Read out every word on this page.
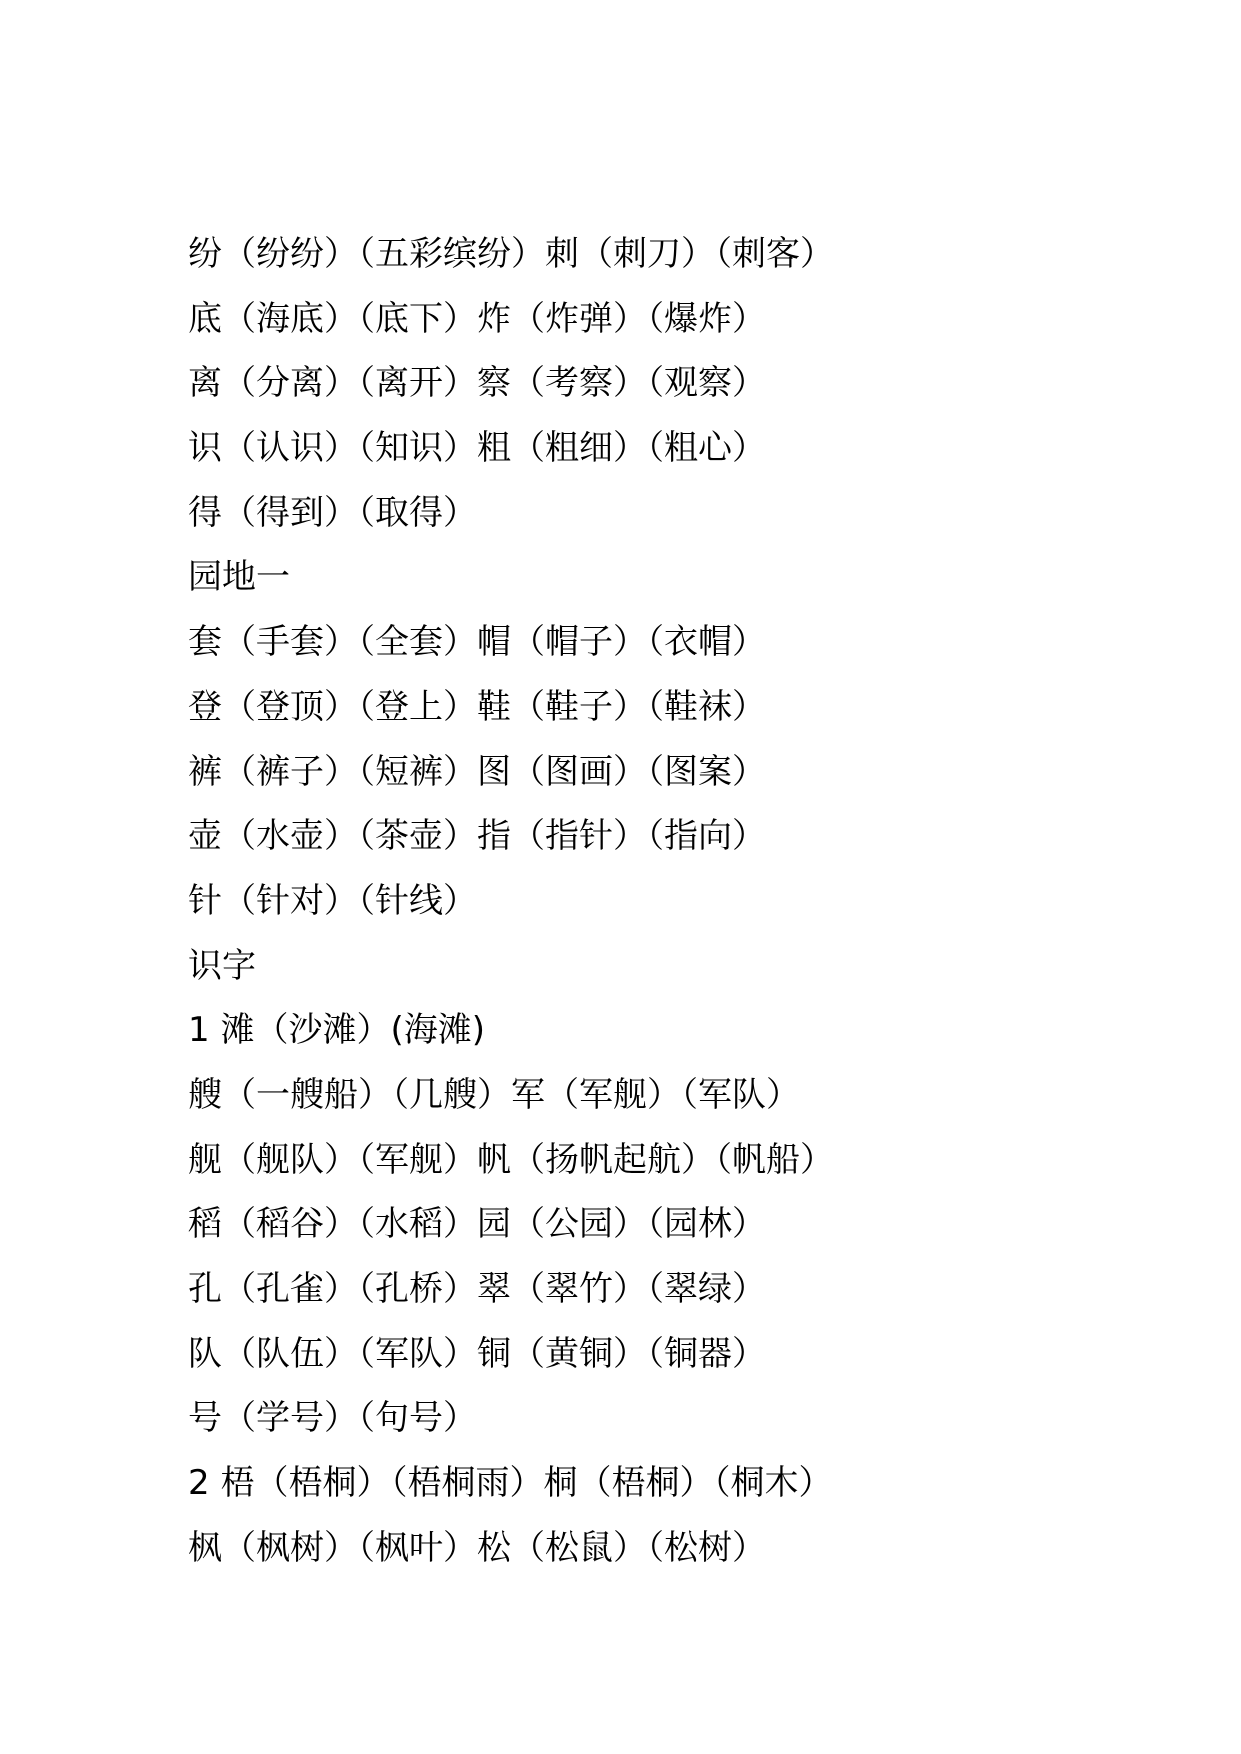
纷（纷纷）（五彩缤纷）刺（刺刀）（刺客）
底（海底）（底下）炸（炸弹）（爆炸）
离（分离）（离开）察（考察）（观察）
识（认识）（知识）粗（粗细）（粗心）
得（得到）（取得）
园地一
套（手套）（全套）帽（帽子）（衣帽）
登（登顶）（登上）鞋（鞋子）（鞋袜）
裤（裤子）（短裤）图（图画）（图案）
壶（水壶）（茶壶）指（指针）（指向）
针（针对）（针线）
识字
1 滩（沙滩）(海滩)
艘（一艘船）（几艘）军（军舰）（军队）
舰（舰队）（军舰）帆（扬帆起航）（帆船）
稻（稻谷）（水稻）园（公园）（园林）
孔（孔雀）（孔桥）翠（翠竹）（翠绿）
队（队伍）（军队）铜（黄铜）（铜器）
号（学号）（句号）
2 梧（梧桐）（梧桐雨）桐（梧桐）（桐木）
枫（枫树）（枫叶）松（松鼠）（松树）
